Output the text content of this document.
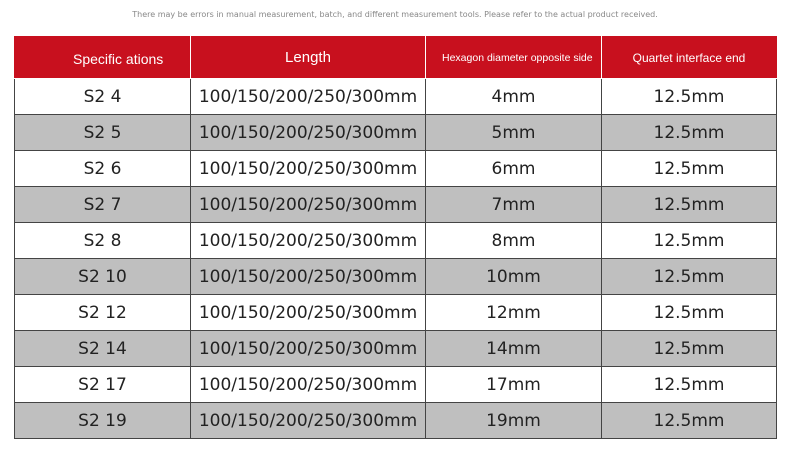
There may be errors in manual measurement, batch, and different measurement tools. Please refer to the actual product received.
Specific ations	Length	Hexagon diameter opposite side	Quartet interface end

S2 4	100/150/200/250/300mm	4mm	12.5mm
S2 5	100/150/200/250/300mm	5mm	12.5mm
S2 6	100/150/200/250/300mm	6mm	12.5mm
S2 7	100/150/200/250/300mm	7mm	12.5mm
S2 8	100/150/200/250/300mm	8mm	12.5mm
S2 10	100/150/200/250/300mm	10mm	12.5mm
S2 12	100/150/200/250/300mm	12mm	12.5mm
S2 14	100/150/200/250/300mm	14mm	12.5mm
S2 17	100/150/200/250/300mm	17mm	12.5mm
S2 19	100/150/200/250/300mm	19mm	12.5mm
